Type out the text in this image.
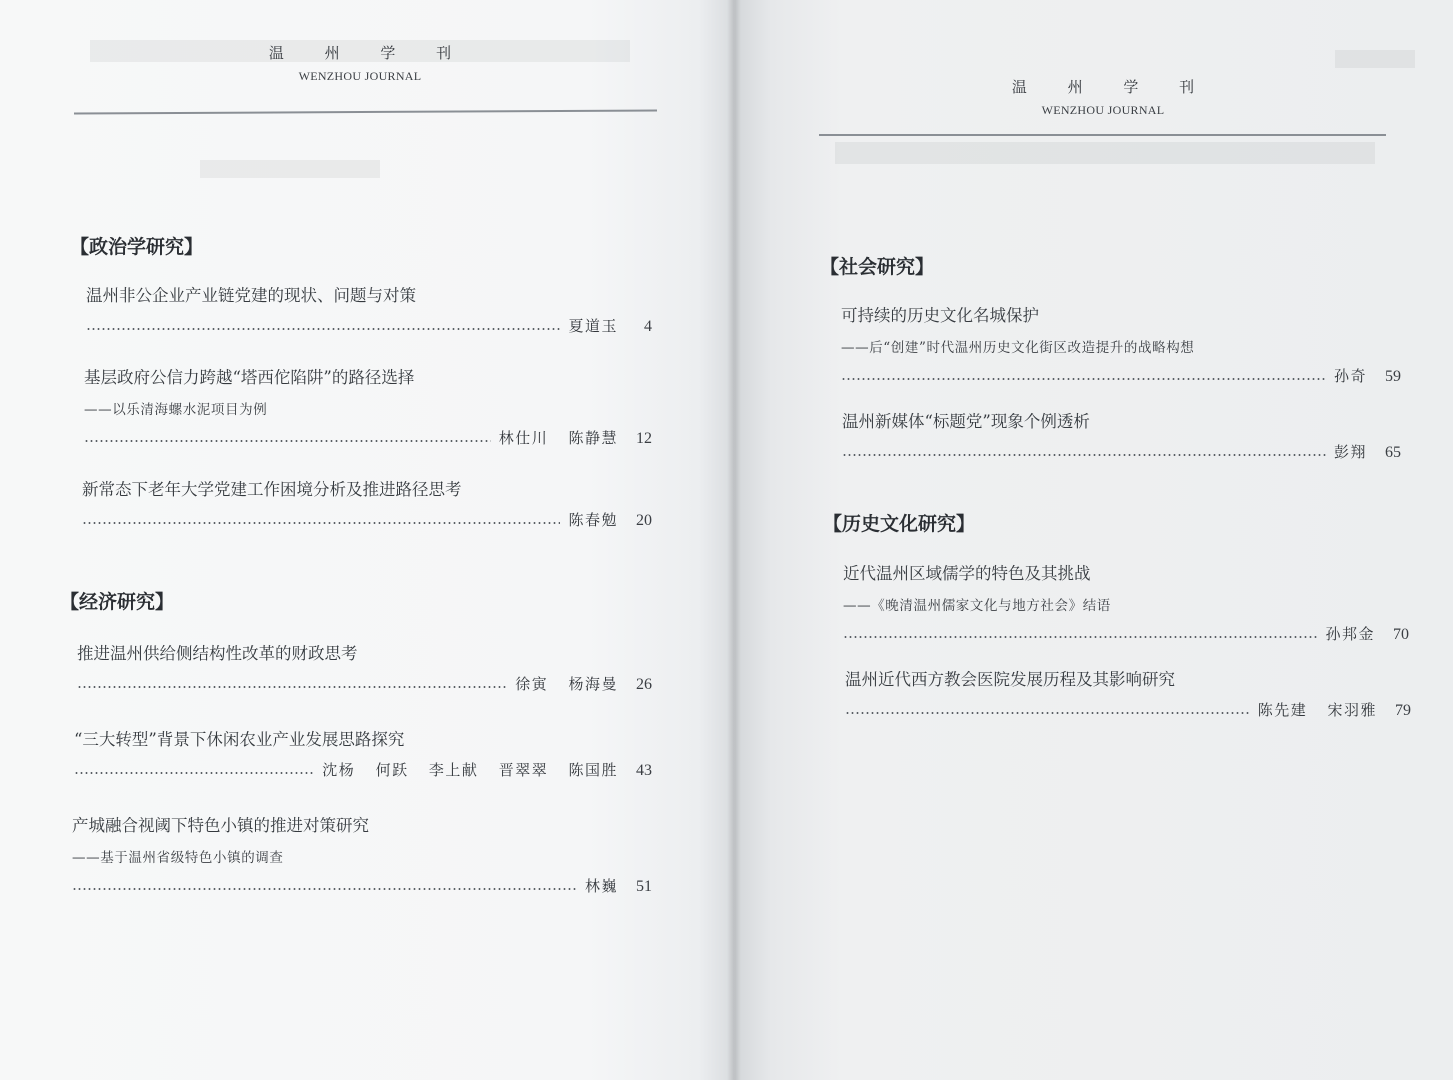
温 州 学 刊
WENZHOU JOURNAL
【政治学研究】
温州非公企业产业链党建的现状、问题与对策
夏道玉	4
基层政府公信力跨越“塔西佗陷阱”的路径选择
——以乐清海螺水泥项目为例
林仕川 陈静慧	12
新常态下老年大学党建工作困境分析及推进路径思考
陈春勉	20
【经济研究】
推进温州供给侧结构性改革的财政思考
徐寅 杨海曼	26
“三大转型”背景下休闲农业产业发展思路探究
沈杨 何跃 李上献 晋翠翠 陈国胜	43
产城融合视阈下特色小镇的推进对策研究
——基于温州省级特色小镇的调查
林巍	51
温 州 学 刊
WENZHOU JOURNAL
【社会研究】
可持续的历史文化名城保护
——后“创建”时代温州历史文化街区改造提升的战略构想
孙奇	59
温州新媒体“标题党”现象个例透析
彭翔	65
【历史文化研究】
近代温州区域儒学的特色及其挑战
——《晚清温州儒家文化与地方社会》结语
孙邦金	70
温州近代西方教会医院发展历程及其影响研究
陈先建 宋羽雅	79
